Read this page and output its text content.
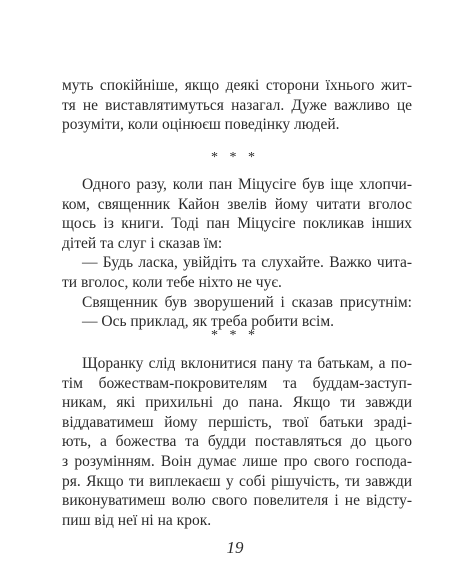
муть спокійніше, якщо деякі сторони їхнього жит-
тя не виставлятимуться назагал. Дуже важливо це
розуміти, коли оцінюєш поведінку людей.
* * *
Одного разу, коли пан Міцусіге був іще хлопчи-
ком, священник Кайон звелів йому читати вголос
щось із книги. Тоді пан Міцусіге покликав інших
дітей та слуг і сказав їм:
— Будь ласка, увійдіть та слухайте. Важко чита-
ти вголос, коли тебе ніхто не чує.
Священник був зворушений і сказав присутнім:
— Ось приклад, як треба робити всім.
* * *
Щоранку слід вклонитися пану та батькам, а по-
тім божествам-покровителям та буддам-заступ-
никам, які прихильні до пана. Якщо ти завжди
віддаватимеш йому першість, твої батьки зрадi-
ють, а божества та будди поставляться до цього
з розумінням. Воін думає лише про свого господа-
ря. Якщо ти виплекаєш у собі рішучість, ти завжди
виконуватимеш волю свого повелителя і не відсту-
пиш від неї ні на крок.
19
